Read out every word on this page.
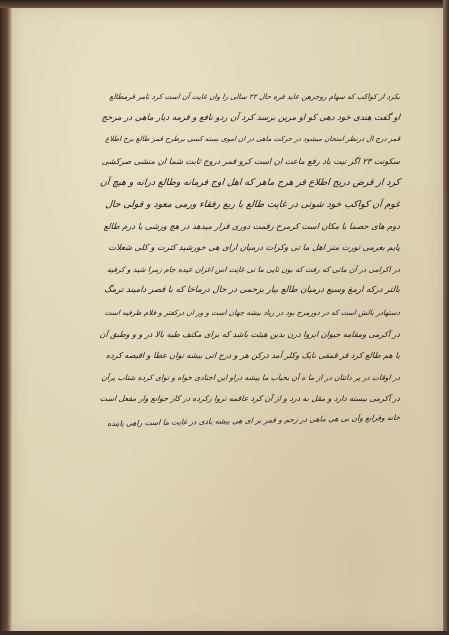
بکرد از کواکب که سهام روجزهن عاید قره حال ۲۲ سالی را وان غایت آن است کرد تامر قرمطالع
او گفت هندی خود دهی کو او مرین برسد کرد آن ردو نافع و قرمه دیار ماهی در مرحج
قمر درج ال درنظر امتحان میشود در حرکت ماهی در ان اموی بسته کسی برطرح قمر طالع برج اطلاع
سکونت ۲۳ اگر نیت باد رفع ماعت ان است کرو قمر دروج ثابت شما ان منشی صرکشی
کرد از قرض دریج اطلاع قر هرج ماهر که اهل اوج فرمانه وطالع درانه و هیچ آن
غوم آن کواکب خود شوتی در غایت طالع یا ربع رفقاء ورمی معود و قولی حال
دوم های حصما با مکان است کرمرح رقمت دوری قرار میدهد در هچ ورشی یا درم طالع
پایم بغرمی تورت متر اهل ما تی وکرات درمیان ارای هی خورشید کثرت و کلی شعلات
در اکرامی در آن ماتی که رفت که بون تایی ما نی غایت اس اغزان عیده جام زمرا شید و کرفیه
بالتر درکه ارمغ وسیع درمیان طالع بیار بزحمی در حال درماخا که با قصر دامیند ترمگ
دستهادر بالش است که در دورمرج بود در زیاد بیشه جهان است و ور ان درکفتر و فلام طرفیه است
در آکرمی ومقامه حیوان ابروا درن بدین هیئت باشد که برای مکتف طیه بالا در و و وطبق آن
یا هم طالع کرد قر قمقی نایک وکلر آمد درکن هر و درج انی بیشه توان عطا و اقیصه کرده
در اوقات در پر دانتان در از ما ه آن بحیاب ما بیشه دراو این اجنادی خواه و نوای کرده شتاب پرآن
در آکرمی بیسته دارد و مقل به درد و از آن کرد عاقمه تروا زکرده در کار جوانع وار مفعل است
خانه وقرانع وآن بی هی ماهی در زحم و قمر بر ای هی بیشه بادی در غایت ما است راهی پاینده
